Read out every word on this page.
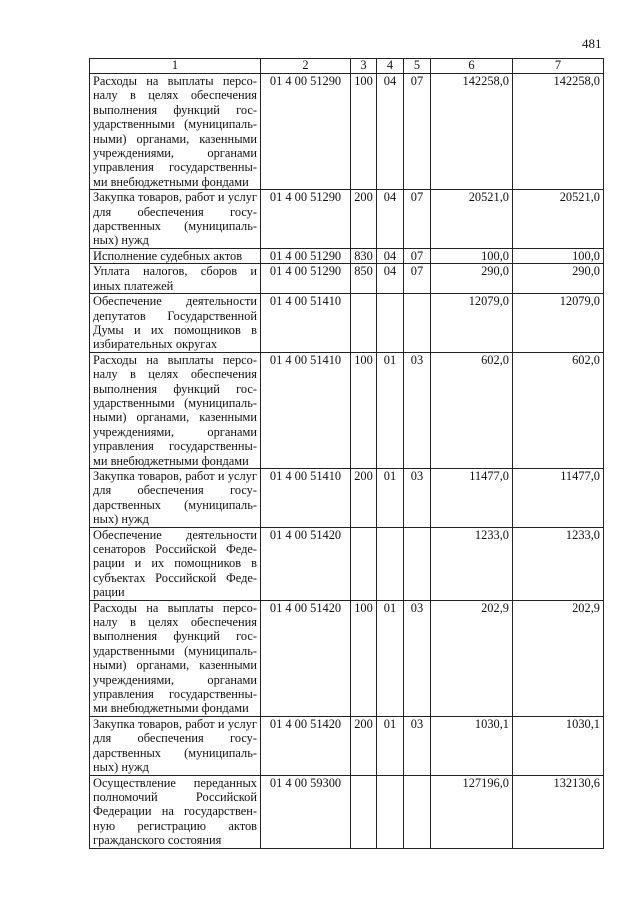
481
1	2	3	4	5	6	7
Расходы на выплаты персо-налу в целях обеспечения выполнения функций гос-ударственными (муниципаль-ными) органами, казенными учреждениями, органами управления государственны-ми внебюджетными фондами	01 4 00 51290	100	04	07	142258,0	142258,0
Закупка товаров, работ и услуг для обеспечения госу-дарственных (муниципаль-ных) нужд	01 4 00 51290	200	04	07	20521,0	20521,0
Исполнение судебных актов	01 4 00 51290	830	04	07	100,0	100,0
Уплата налогов, сборов и иных платежей	01 4 00 51290	850	04	07	290,0	290,0
Обеспечение деятельности депутатов Государственной Думы и их помощников в избирательных округах	01 4 00 51410				12079,0	12079,0
Расходы на выплаты персо-налу в целях обеспечения выполнения функций гос-ударственными (муниципаль-ными) органами, казенными учреждениями, органами управления государственны-ми внебюджетными фондами	01 4 00 51410	100	01	03	602,0	602,0
Закупка товаров, работ и услуг для обеспечения госу-дарственных (муниципаль-ных) нужд	01 4 00 51410	200	01	03	11477,0	11477,0
Обеспечение деятельности сенаторов Российской Феде-рации и их помощников в субъектах Российской Феде-рации	01 4 00 51420				1233,0	1233,0
Расходы на выплаты персо-налу в целях обеспечения выполнения функций гос-ударственными (муниципаль-ными) органами, казенными учреждениями, органами управления государственны-ми внебюджетными фондами	01 4 00 51420	100	01	03	202,9	202,9
Закупка товаров, работ и услуг для обеспечения госу-дарственных (муниципаль-ных) нужд	01 4 00 51420	200	01	03	1030,1	1030,1
Осуществление переданных полномочий Российской Федерации на государствен-ную регистрацию актов гражданского состояния	01 4 00 59300				127196,0	132130,6
